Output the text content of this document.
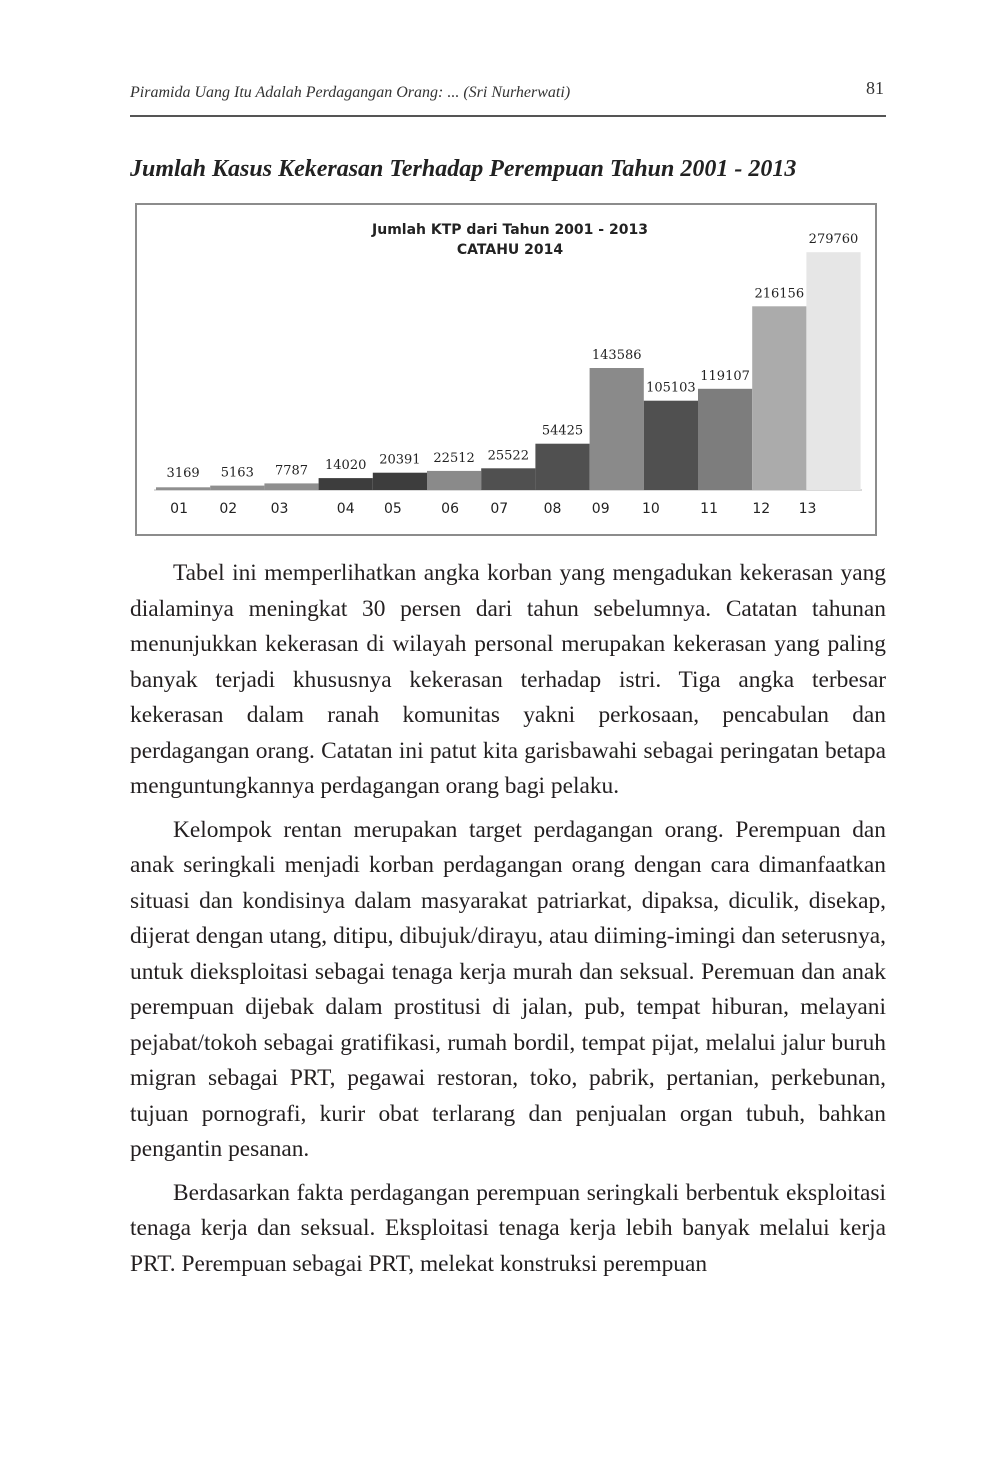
Piramida Uang Itu Adalah Perdagangan Orang: ... (Sri Nurherwati)	81
Jumlah Kasus Kekerasan Terhadap Perempuan Tahun 2001 - 2013
Jumlah KTP dari Tahun 2001 - 2013
CATAHU 2014
3169 5163 7787 14020 20391 22512 25522
54425
143586
105103
119107
216156
279760
01 02 03	04 05	06 07	08 09 10	11 12 13

Tabel ini memperlihatkan angka korban yang mengadukan kekerasan yang dialaminya meningkat 30 persen dari tahun sebelumnya. Catatan tahunan menunjukkan kekerasan di wilayah personal merupakan kekerasan yang paling banyak terjadi khususnya kekerasan terhadap istri. Tiga angka terbesar kekerasan dalam ranah komunitas yakni perkosaan, pencabulan dan perdagangan orang. Catatan ini patut kita garisbawahi sebagai peringatan betapa menguntungkannya perdagangan orang bagi pelaku.

Kelompok rentan merupakan target perdagangan orang. Perempuan dan anak seringkali menjadi korban perdagangan orang dengan cara dimanfaatkan situasi dan kondisinya dalam masyarakat patriarkat, dipaksa, diculik, disekap, dijerat dengan utang, ditipu, dibujuk/dirayu, atau diiming-imingi dan seterusnya, untuk dieksploitasi sebagai tenaga kerja murah dan seksual. Peremuan dan anak perempuan dijebak dalam prostitusi di jalan, pub, tempat hiburan, melayani pejabat/tokoh sebagai gratifikasi, rumah bordil, tempat pijat, melalui jalur buruh migran sebagai PRT, pegawai restoran, toko, pabrik, pertanian, perkebunan, tujuan pornografi, kurir obat terlarang dan penjualan organ tubuh, bahkan pengantin pesanan.

Berdasarkan fakta perdagangan perempuan seringkali berbentuk eksploitasi tenaga kerja dan seksual. Eksploitasi tenaga kerja lebih banyak melalui kerja PRT. Perempuan sebagai PRT, melekat konstruksi perempuan
